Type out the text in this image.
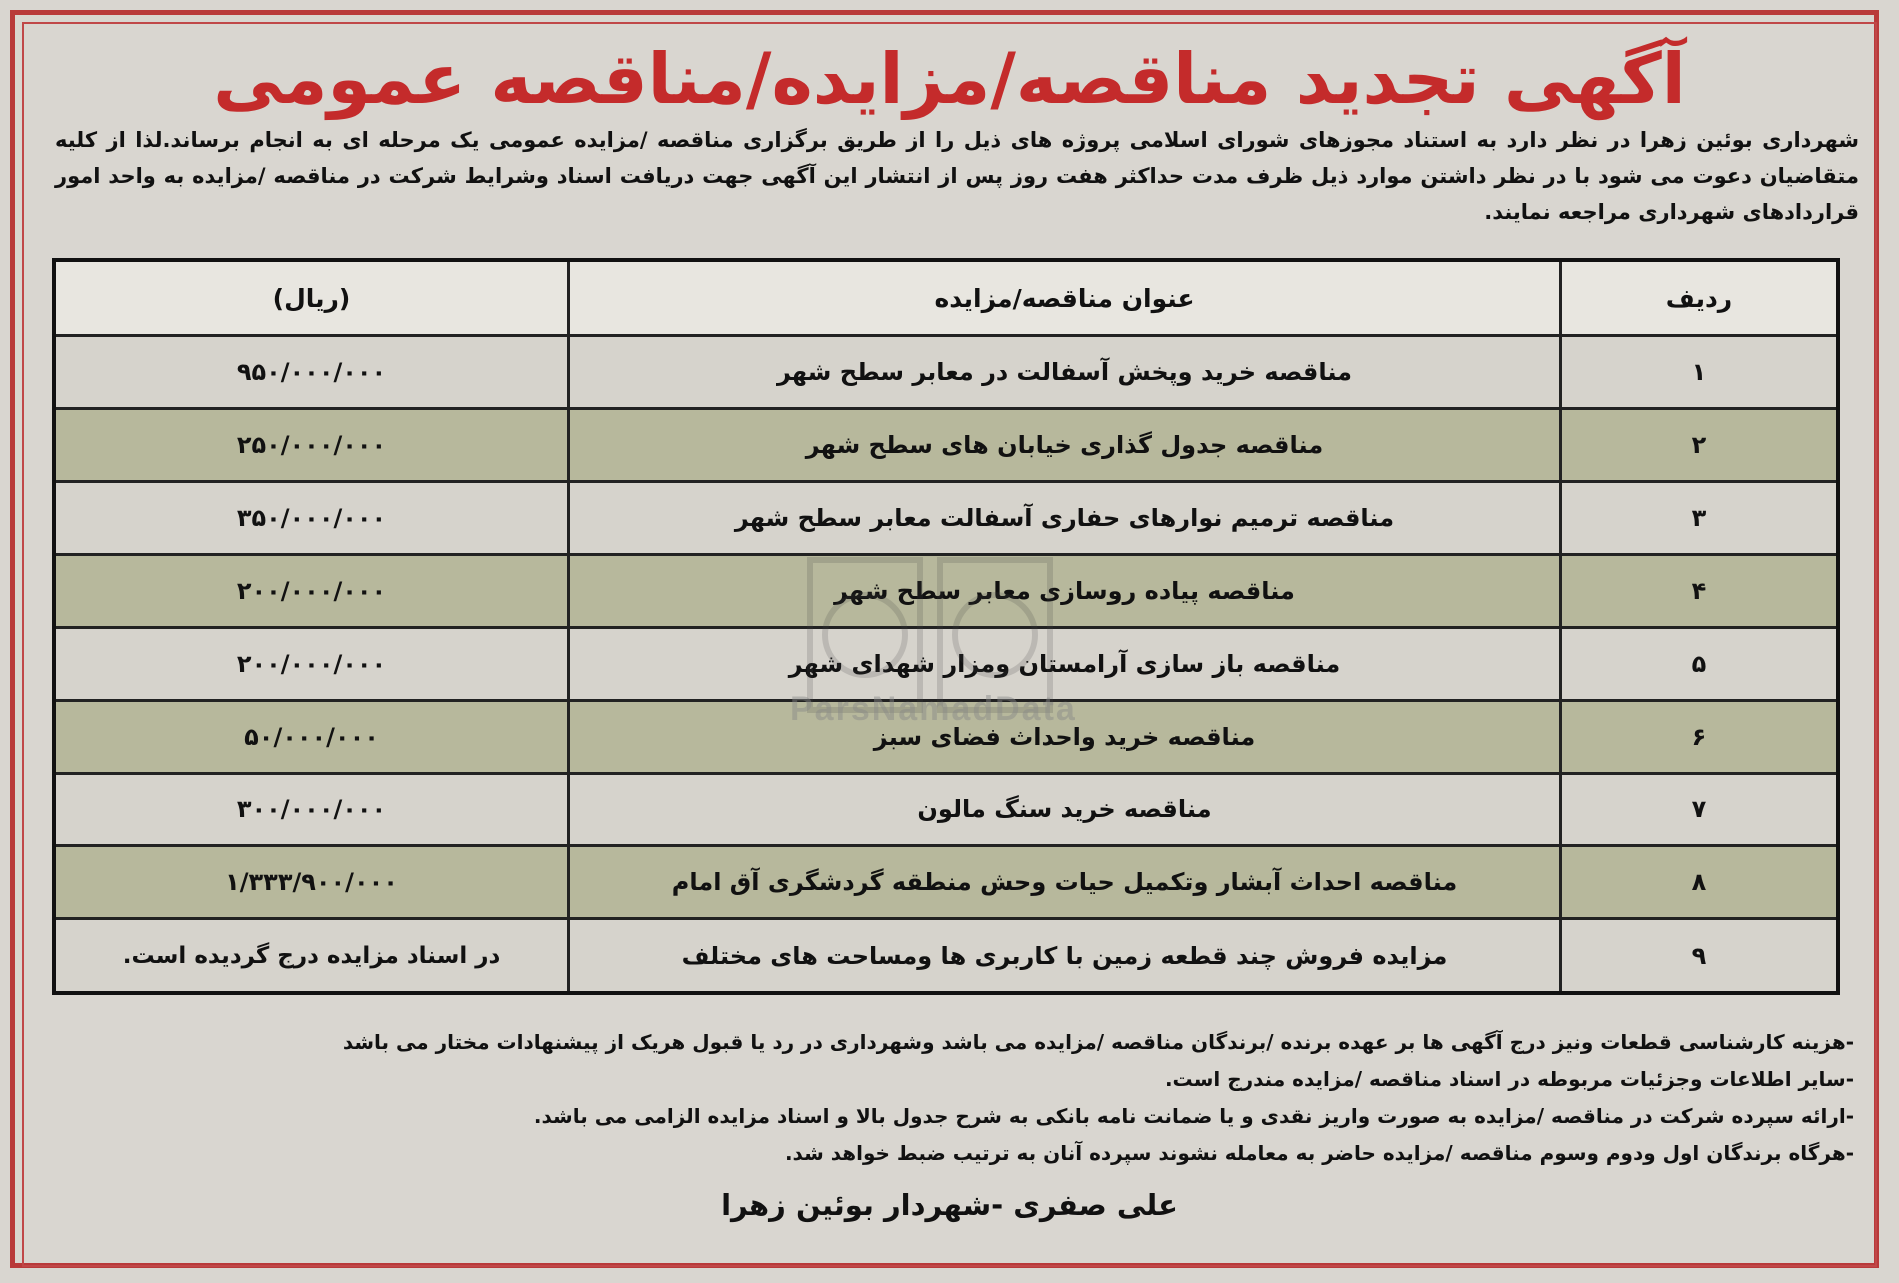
آگهی تجدید مناقصه/مزایده/مناقصه عمومی
شهرداری بوئین زهرا در نظر دارد به استناد مجوزهای شورای اسلامی پروژه های ذیل را از طریق برگزاری مناقصه /مزایده عمومی یک مرحله ای به انجام برساند.لذا از کلیه متقاضیان دعوت می شود با در نظر داشتن موارد ذیل ظرف مدت حداکثر هفت روز پس از انتشار این آگهی جهت دریافت اسناد وشرایط شرکت در مناقصه /مزایده به واحد امور قراردادهای شهرداری مراجعه نمایند.
ردیف	عنوان مناقصه/مزایده	(ریال)
۱	مناقصه خرید وپخش آسفالت در معابر سطح شهر	۹۵۰/۰۰۰/۰۰۰
۲	مناقصه جدول گذاری خیابان های سطح شهر	۲۵۰/۰۰۰/۰۰۰
۳	مناقصه ترمیم نوارهای حفاری آسفالت معابر سطح شهر	۳۵۰/۰۰۰/۰۰۰
۴	مناقصه پیاده روسازی معابر سطح شهر	۲۰۰/۰۰۰/۰۰۰
۵	مناقصه باز سازی آرامستان ومزار شهدای شهر	۲۰۰/۰۰۰/۰۰۰
۶	مناقصه خرید واحداث فضای سبز	۵۰/۰۰۰/۰۰۰
۷	مناقصه خرید سنگ مالون	۳۰۰/۰۰۰/۰۰۰
۸	مناقصه احداث آبشار وتکمیل حیات وحش منطقه گردشگری آق امام	۱/۳۳۳/۹۰۰/۰۰۰
۹	مزایده فروش چند قطعه زمین با کاربری ها ومساحت های مختلف	در اسناد مزایده درج گردیده است.
ParsNamadData
-هزینه کارشناسی قطعات ونیز درج آگهی ها بر عهده برنده /برندگان مناقصه /مزایده می باشد وشهرداری در رد یا قبول هریک از پیشنهادات مختار می باشد
-سایر اطلاعات وجزئیات مربوطه در اسناد مناقصه /مزایده مندرج است.
-ارائه سپرده شرکت در مناقصه /مزایده به صورت واریز نقدی و یا ضمانت نامه بانکی به شرح جدول بالا و اسناد مزایده الزامی می باشد.
-هرگاه برندگان اول ودوم وسوم مناقصه /مزایده حاضر به معامله نشوند سپرده آنان به ترتیب ضبط خواهد شد.
علی صفری -شهردار بوئین زهرا
